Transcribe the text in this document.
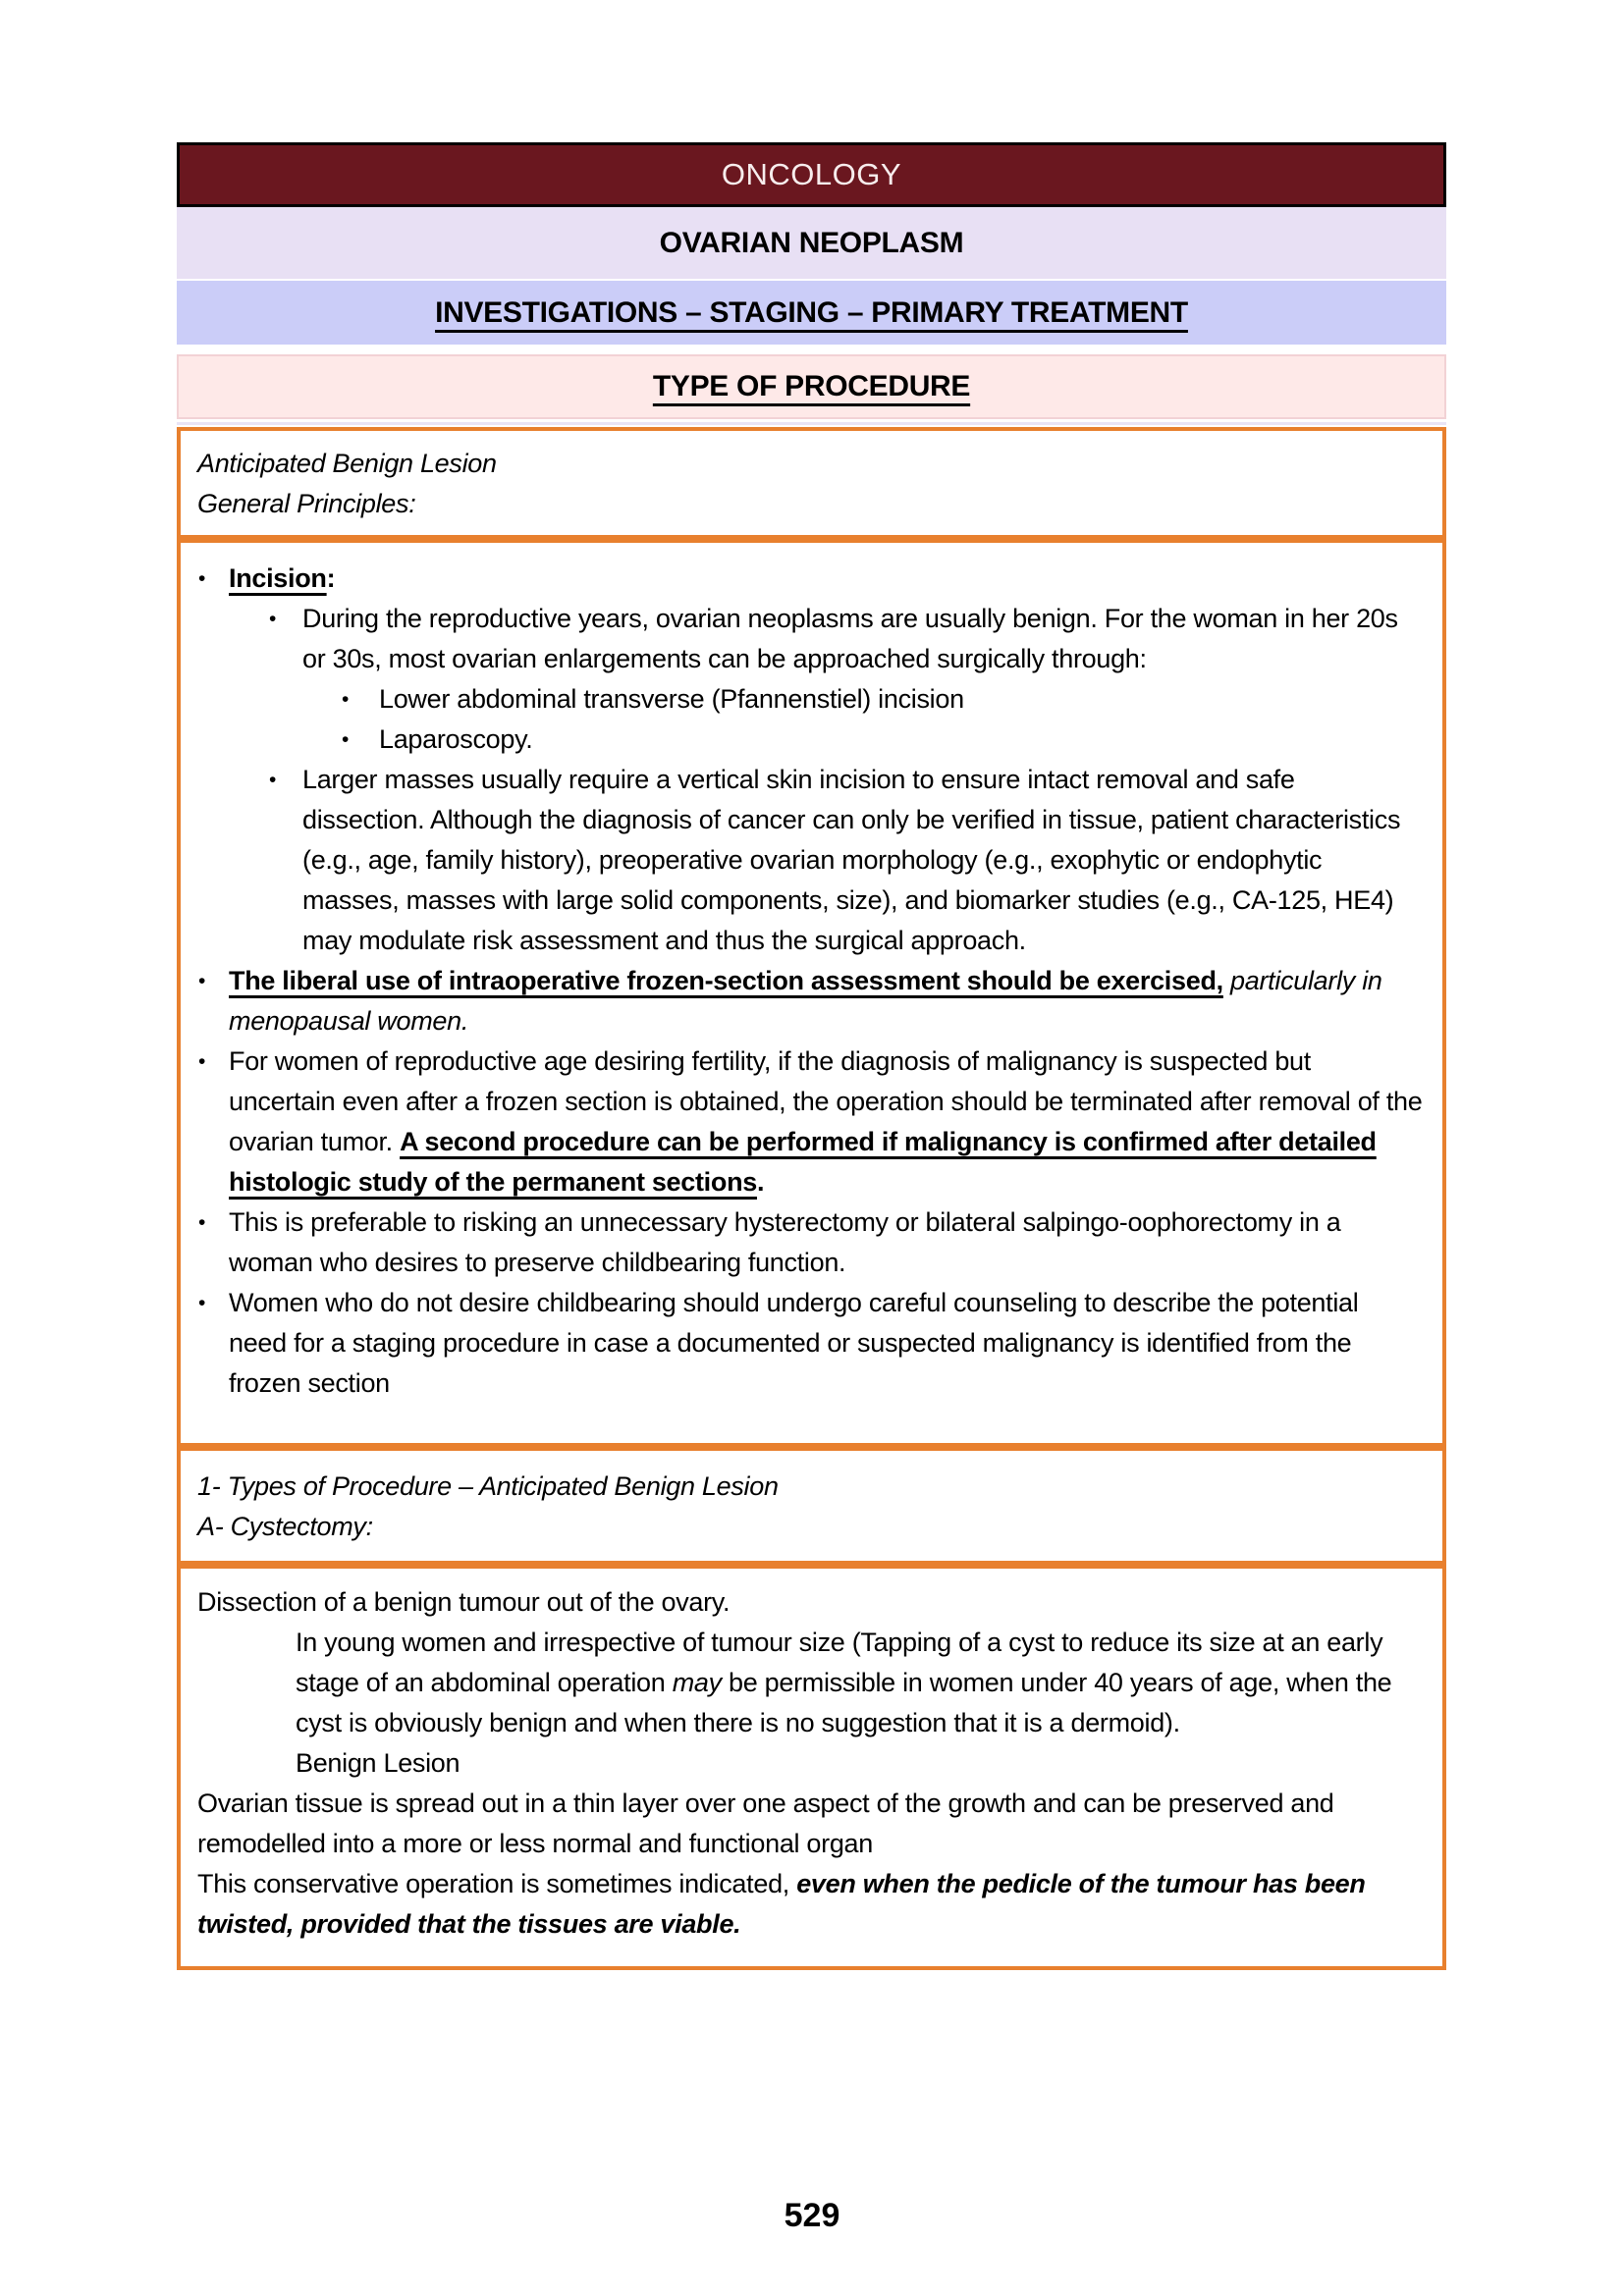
ONCOLOGY
OVARIAN NEOPLASM
INVESTIGATIONS – STAGING – PRIMARY TREATMENT
TYPE OF PROCEDURE
Anticipated Benign Lesion
General Principles:
• Incision:
• During the reproductive years, ovarian neoplasms are usually benign. For the woman in her 20s or 30s, most ovarian enlargements can be approached surgically through:
•	Lower abdominal transverse (Pfannenstiel) incision
•	Laparoscopy.
• Larger masses usually require a vertical skin incision to ensure intact removal and safe dissection. Although the diagnosis of cancer can only be verified in tissue, patient characteristics (e.g., age, family history), preoperative ovarian morphology (e.g., exophytic or endophytic masses, masses with large solid components, size), and biomarker studies (e.g., CA-125, HE4) may modulate risk assessment and thus the surgical approach.
• The liberal use of intraoperative frozen-section assessment should be exercised, particularly in menopausal women.
• For women of reproductive age desiring fertility, if the diagnosis of malignancy is suspected but uncertain even after a frozen section is obtained, the operation should be terminated after removal of the ovarian tumor. A second procedure can be performed if malignancy is confirmed after detailed histologic study of the permanent sections.
• This is preferable to risking an unnecessary hysterectomy or bilateral salpingo-oophorectomy in a woman who desires to preserve childbearing function.
• Women who do not desire childbearing should undergo careful counseling to describe the potential need for a staging procedure in case a documented or suspected malignancy is identified from the frozen section
1- Types of Procedure – Anticipated Benign Lesion
A- Cystectomy:
Dissection of a benign tumour out of the ovary.
In young women and irrespective of tumour size (Tapping of a cyst to reduce its size at an early stage of an abdominal operation may be permissible in women under 40 years of age, when the cyst is obviously benign and when there is no suggestion that it is a dermoid).
Benign Lesion
Ovarian tissue is spread out in a thin layer over one aspect of the growth and can be preserved and remodelled into a more or less normal and functional organ
This conservative operation is sometimes indicated, even when the pedicle of the tumour has been twisted, provided that the tissues are viable.
529
